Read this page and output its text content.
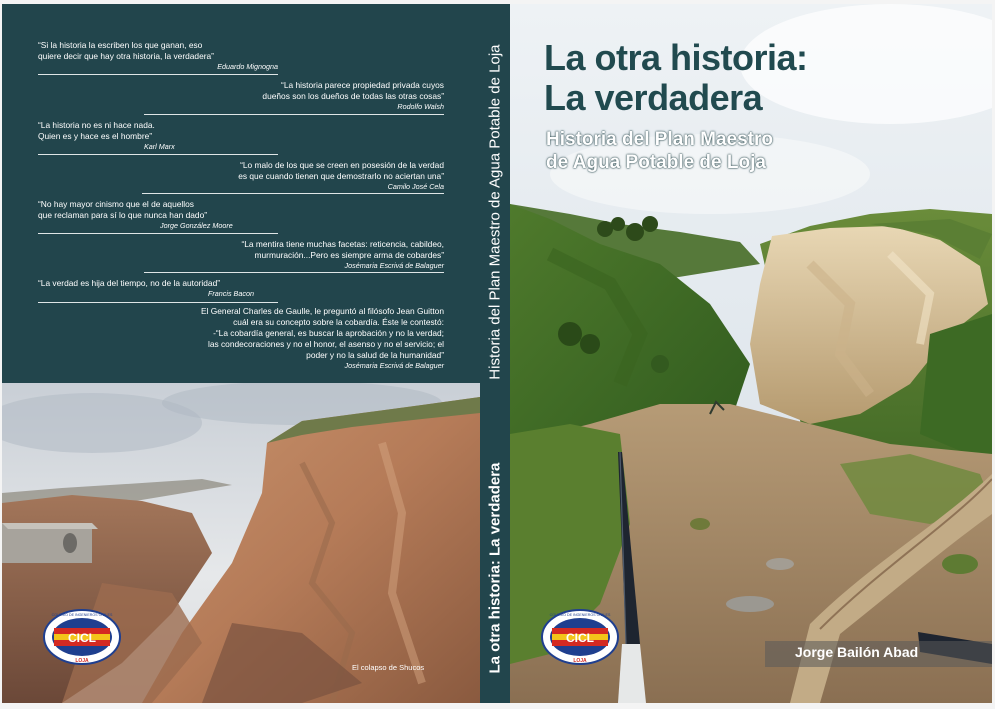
“Si la historia la escriben los que ganan, eso
quiere decir que hay otra historia, la verdadera”
Eduardo Mignogna
“La historia parece propiedad privada cuyos
dueños son los dueños de todas las otras cosas”
Rodolfo Walsh
“La historia no es ni hace nada.
Quien es y hace es el hombre”
Karl Marx
“Lo malo de los que se creen en posesión de la verdad
es que cuando tienen que demostrarlo no aciertan una”
Camilo José Cela
“No hay mayor cinismo que el de aquellos
que reclaman para sí lo que nunca han dado”
Jorge González Moore
“La mentira tiene muchas facetas: reticencia, cabildeo,
murmuración...Pero es siempre arma de cobardes”
Josémaria Escrivá de Balaguer
“La verdad es hija del tiempo, no de la autoridad”
Francis Bacon
El General Charles de Gaulle, le preguntó al filósofo Jean Guitton
cuál era su concepto sobre la cobardía. Éste le contestó:
-“La cobardía general, es buscar la aprobación y no la verdad;
las condecoraciones y no el honor, el asenso y no el servicio; el
poder y no la salud de la humanidad”
Josémaria Escrivá de Balaguer
El colapso de Shucos
CICL
COLEGIO DE INGENIEROS CIVILES
LOJA	La otra historia: La verdadera
Historia del Plan Maestro de Agua Potable de Loja La otra historia:
La verdadera
Historia del Plan Maestro
de Agua Potable de Loja
CICL
COLEGIO DE INGENIEROS CIVILES
LOJA
Jorge Bailón Abad
